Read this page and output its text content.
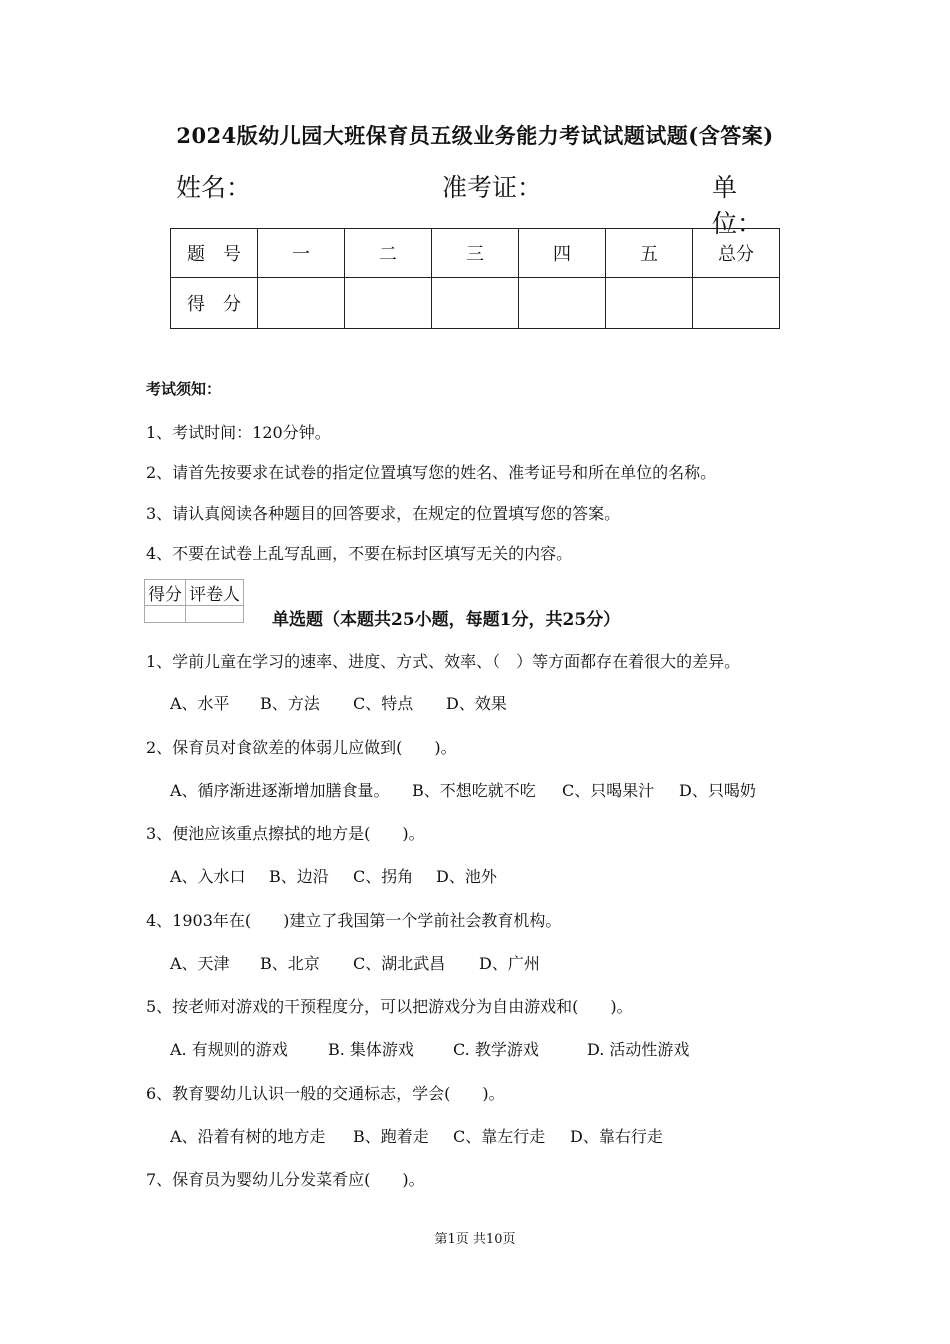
2024版幼儿园大班保育员五级业务能力考试试题试题(含答案)
姓名：	准考证：	单位：
题　号	一	二	三	四	五	总分
得　分						
考试须知：
1、考试时间：120分钟。
2、请首先按要求在试卷的指定位置填写您的姓名、准考证号和所在单位的名称。
3、请认真阅读各种题目的回答要求，在规定的位置填写您的答案。
4、不要在试卷上乱写乱画，不要在标封区填写无关的内容。
得分	评卷人

单选题（本题共25小题，每题1分，共25分）
1、学前儿童在学习的速率、进度、方式、效率、（　）等方面都存在着很大的差异。
A、水平 B、方法 C、特点 D、效果
2、保育员对食欲差的体弱儿应做到(　　)。
A、循序渐进逐渐增加膳食量。 B、不想吃就不吃 C、只喝果汁 D、只喝奶
3、便池应该重点擦拭的地方是(　　)。
A、入水口 B、边沿 C、拐角 D、池外
4、1903年在(　　)建立了我国第一个学前社会教育机构。
A、天津 B、北京 C、湖北武昌 D、广州
5、按老师对游戏的干预程度分，可以把游戏分为自由游戏和(　　)。
A. 有规则的游戏	B. 集体游戏 C. 教学游戏	D. 活动性游戏
6、教育婴幼儿认识一般的交通标志，学会(　　)。
A、沿着有树的地方走 B、跑着走 C、靠左行走 D、靠右行走
7、保育员为婴幼儿分发菜肴应(　　)。
第1页 共10页
